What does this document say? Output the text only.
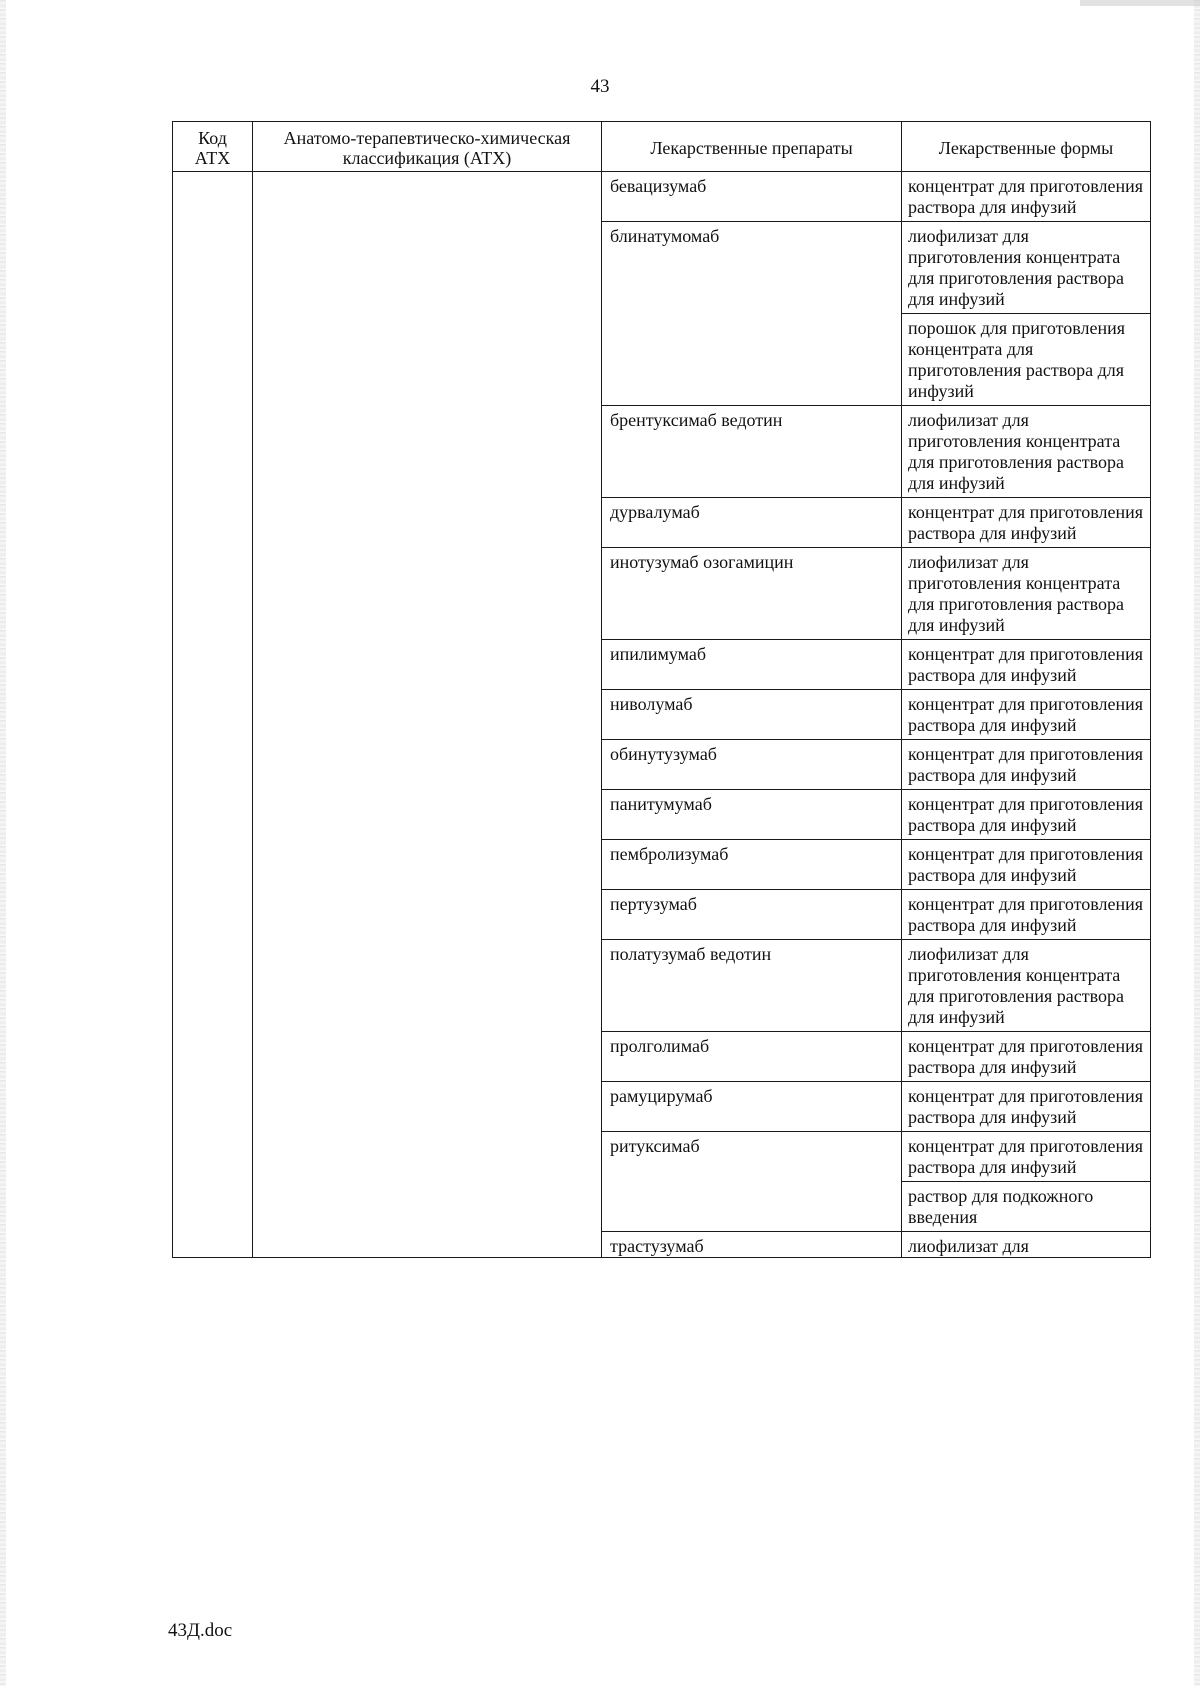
43
Код АТХ	Анатомо-терапевтическо-химическая классификация (АТХ)	Лекарственные препараты	Лекарственные формы
		бевацизумаб	концентрат для приготовления раствора для инфузий
		блинатумомаб	лиофилизат для приготовления концентрата для приготовления раствора для инфузий
			порошок для приготовления концентрата для приготовления раствора для инфузий
		брентуксимаб ведотин	лиофилизат для приготовления концентрата для приготовления раствора для инфузий
		дурвалумаб	концентрат для приготовления раствора для инфузий
		инотузумаб озогамицин	лиофилизат для приготовления концентрата для приготовления раствора для инфузий
		ипилимумаб	концентрат для приготовления раствора для инфузий
		ниволумаб	концентрат для приготовления раствора для инфузий
		обинутузумаб	концентрат для приготовления раствора для инфузий
		панитумумаб	концентрат для приготовления раствора для инфузий
		пембролизумаб	концентрат для приготовления раствора для инфузий
		пертузумаб	концентрат для приготовления раствора для инфузий
		полатузумаб ведотин	лиофилизат для приготовления концентрата для приготовления раствора для инфузий
		пролголимаб	концентрат для приготовления раствора для инфузий
		рамуцирумаб	концентрат для приготовления раствора для инфузий
		ритуксимаб	концентрат для приготовления раствора для инфузий
			раствор для подкожного введения
		трастузумаб	лиофилизат для
43Д.doc
